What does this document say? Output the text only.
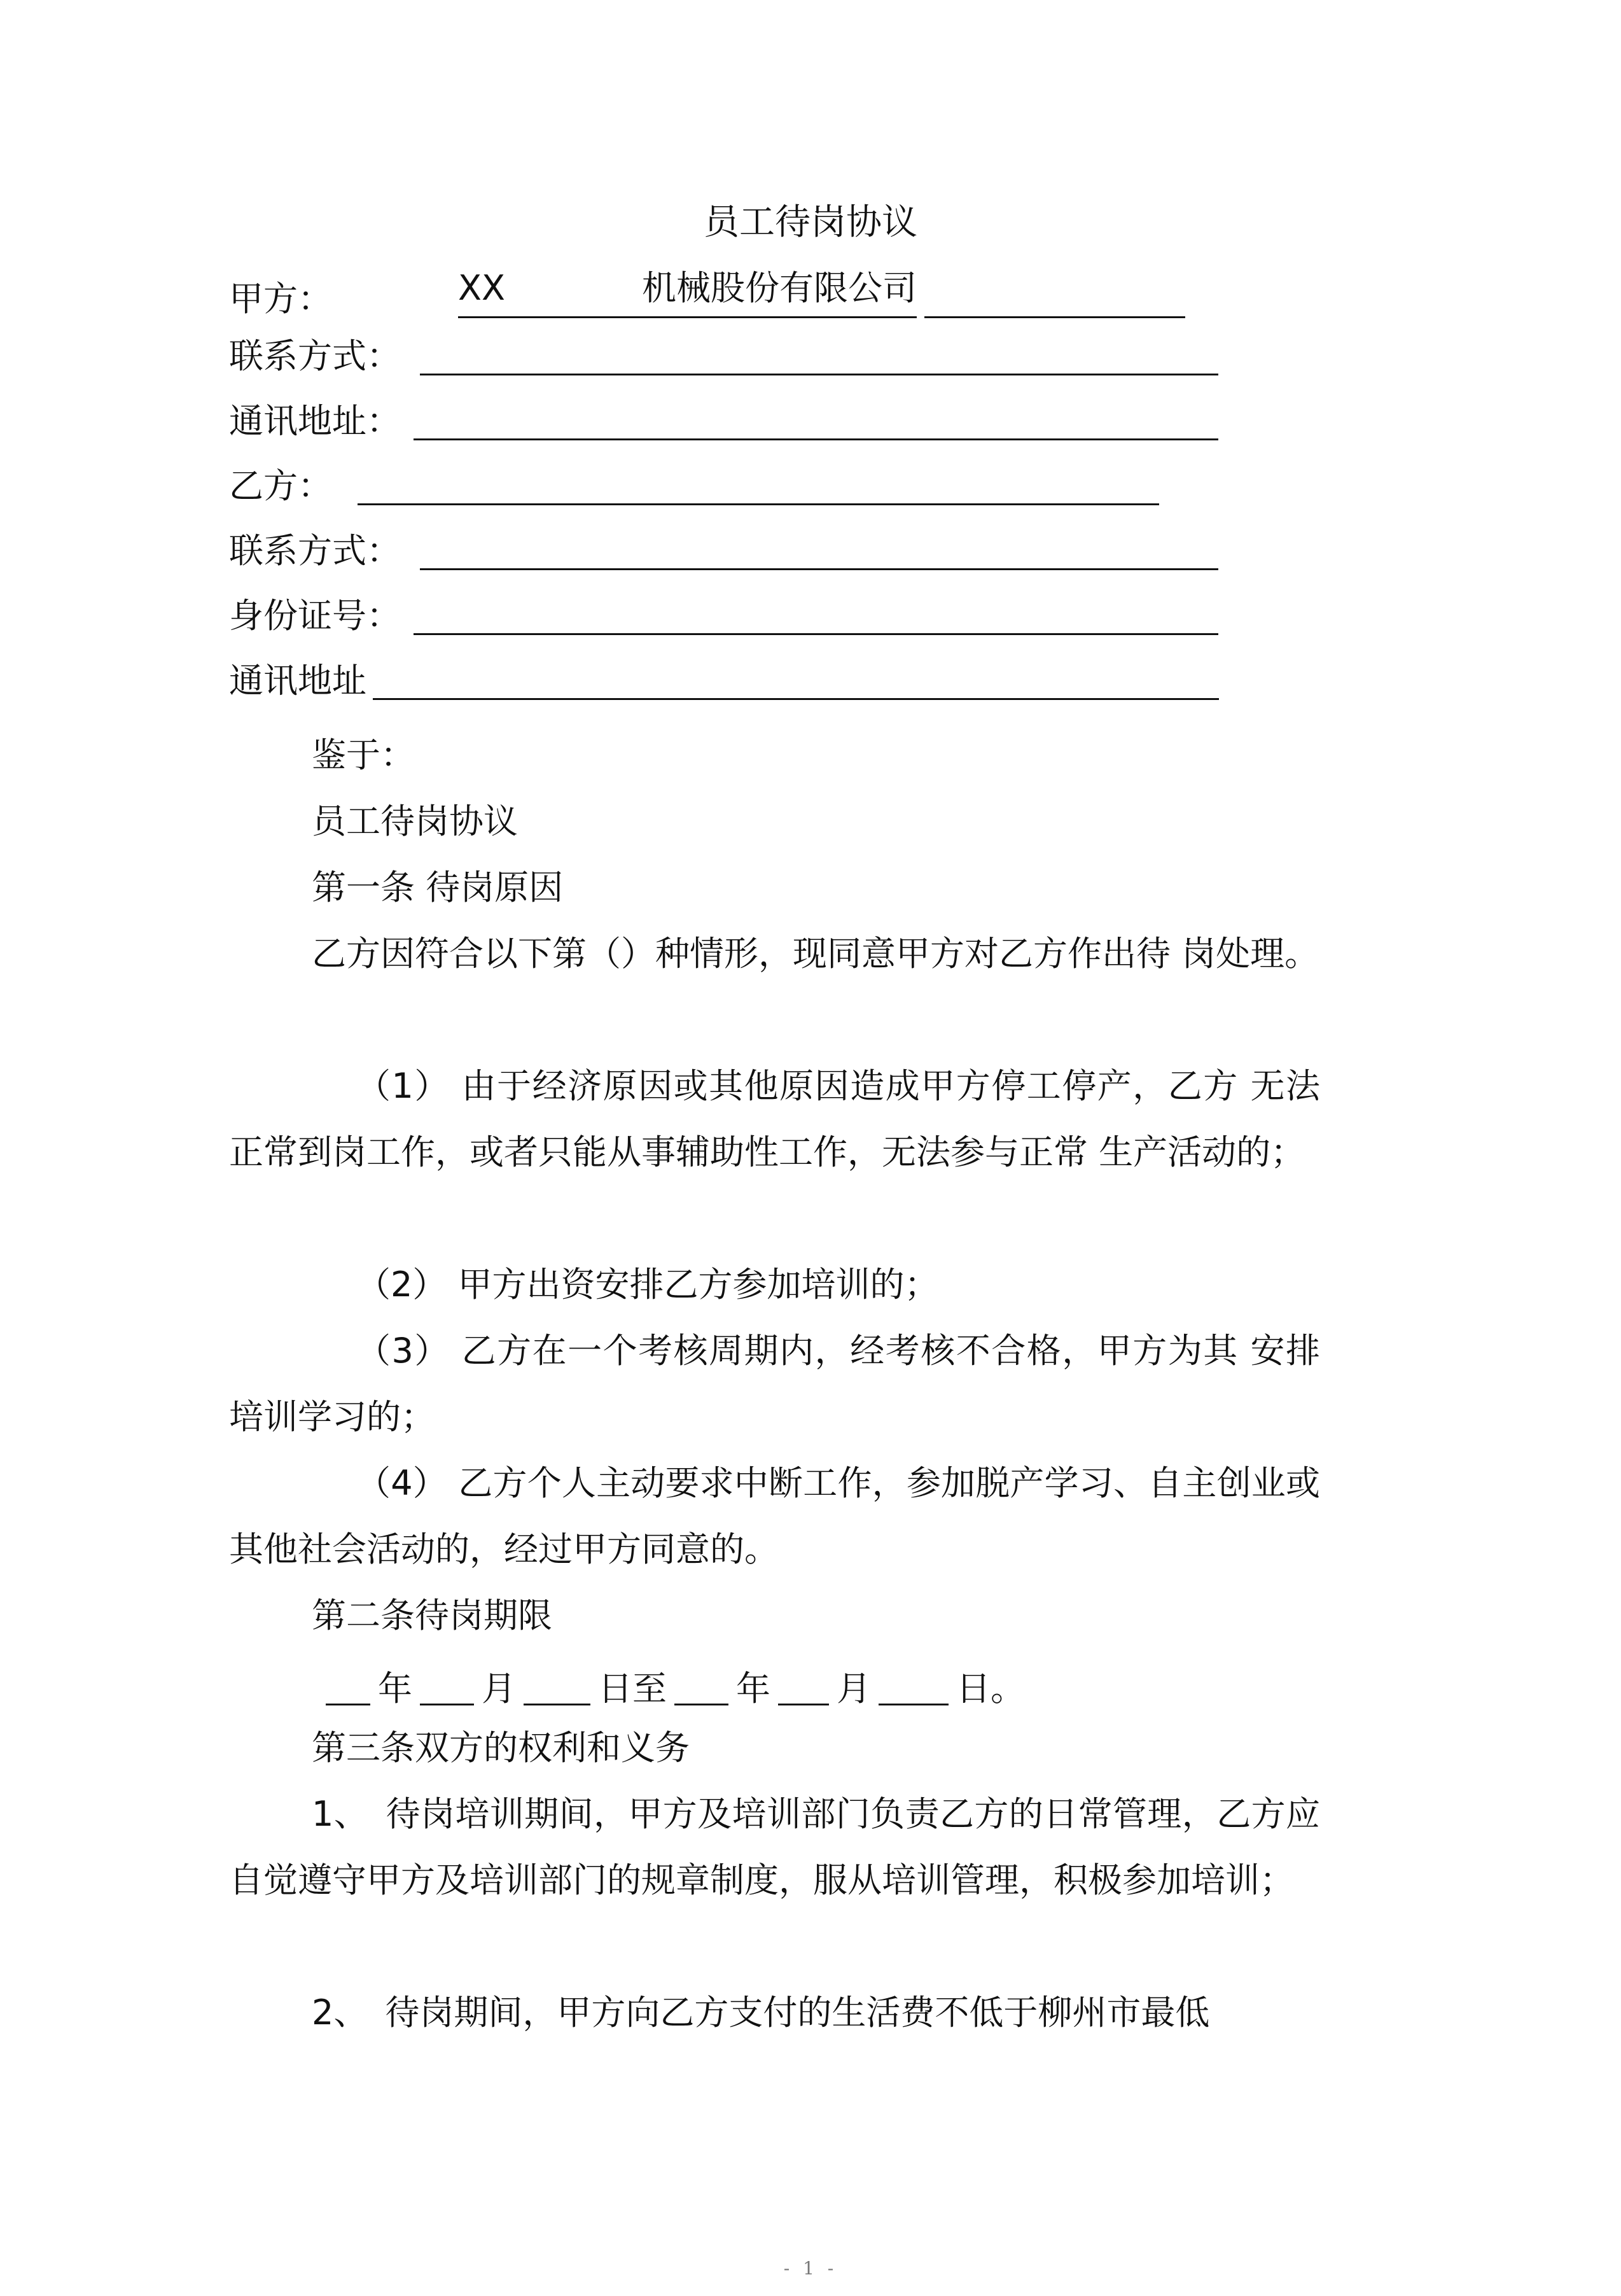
员工待岗协议
甲方：	XX	机械股份有限公司
联系方式：
通讯地址：
乙方：
联系方式：
身份证号：
通讯地址

鉴于：

员工待岗协议

第一条 待岗原因

乙方因符合以下第（）种情形，现同意甲方对乙方作出待 岗处理。

（1） 由于经济原因或其他原因造成甲方停工停产，乙方 无法正常到岗工作，或者只能从事辅助性工作，无法参与正常 生产活动的；

（2） 甲方出资安排乙方参加培训的；

（3） 乙方在一个考核周期内，经考核不合格，甲方为其 安排培训学习的；

（4） 乙方个人主动要求中断工作，参加脱产学习、自主创业或其他社会活动的，经过甲方同意的。

第二条待岗期限

年 月 日至 年 月 日。

第三条双方的权利和义务

1、　待岗培训期间，甲方及培训部门负责乙方的日常管理，乙方应自觉遵守甲方及培训部门的规章制度，服从培训管理，积极参加培训；

2、　待岗期间，甲方向乙方支付的生活费不低于柳州市最低

- 1 -
